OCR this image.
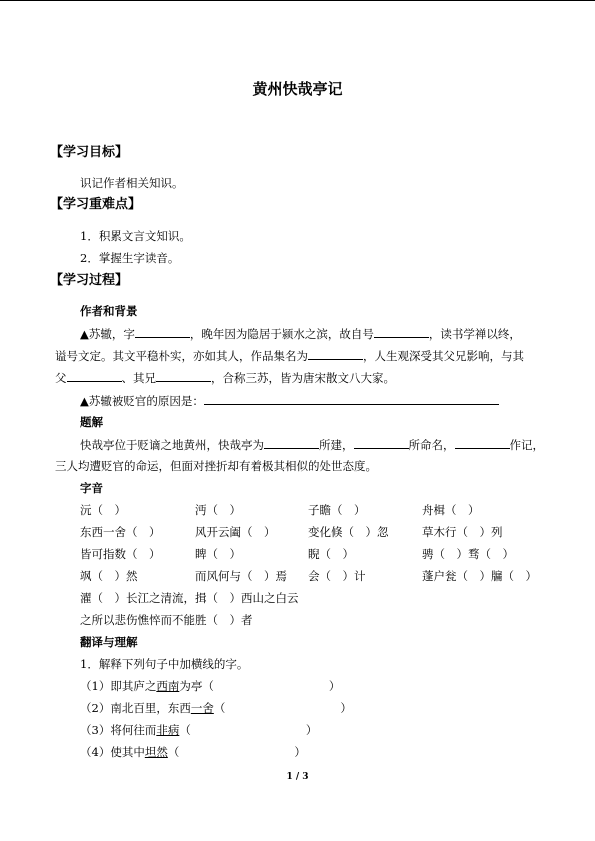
黄州快哉亭记
【学习目标】
识记作者相关知识。
【学习重难点】
1．积累文言文知识。
2．掌握生字读音。
【学习过程】
作者和背景
▲苏辙，字	，晚年因为隐居于颍水之滨，故自号	，读书学禅以终，
谥号文定。其文平稳朴实，亦如其人，作品集名为	，人生观深受其父兄影响，与其
父	、其兄	，合称三苏，皆为唐宋散文八大家。
▲苏辙被贬官的原因是：
题解
快哉亭位于贬谪之地黄州，快哉亭为	所建，	所命名，	作记，
三人均遭贬官的命运，但面对挫折却有着极其相似的处世态度。
字音
沅（　）	沔（　）	子瞻（　）	舟楫（　）
东西一舍（　）	风开云阖（　）	变化倏（　）忽	草木行（　）列
皆可指数（　）	睥（　）	睨（　）	骋（　）骛（　）
飒（　）然	而风何与（　）焉 会（　）计	蓬户瓮（　）牖（　）
濯（　）长江之清流，揖（　）西山之白云
之所以悲伤憔悴而不能胜（　）者
翻译与理解
1．解释下列句子中加横线的字。
（1）即其庐之西南为亭（　　　　　　　　　　）
（2）南北百里，东西一舍（　　　　　　　　　　）
（3）将何往而非病（　　　　　　　　　　）
（4）使其中坦然（　　　　　　　　　　）
1 / 3
